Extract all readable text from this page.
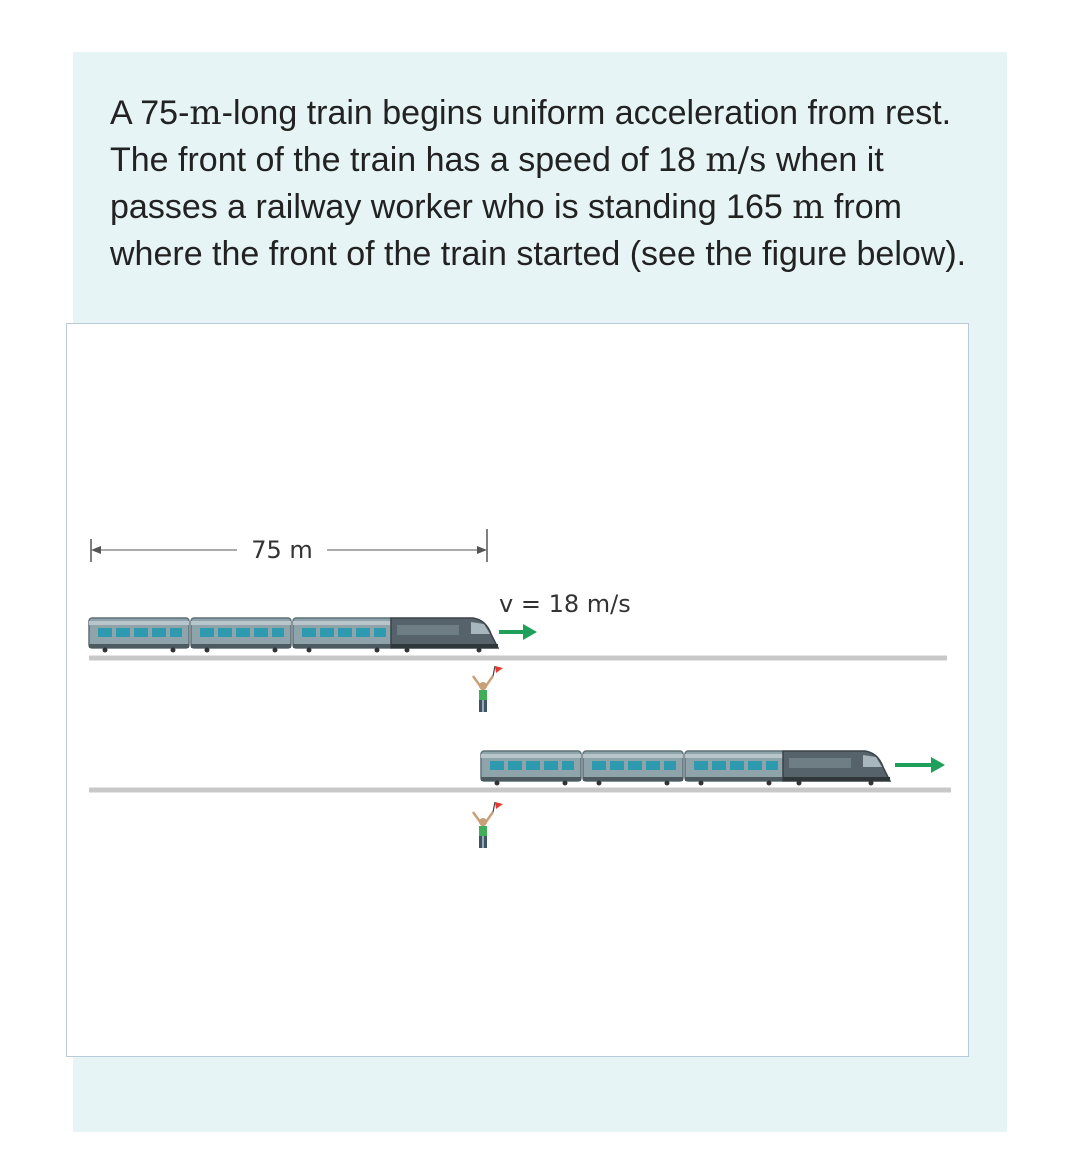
A 75-m-long train begins uniform acceleration from rest. The front of the train has a speed of 18 m/s when it passes a railway worker who is standing 165 m from where the front of the train started (see the figure below).
75 m
v = 18 m/s
